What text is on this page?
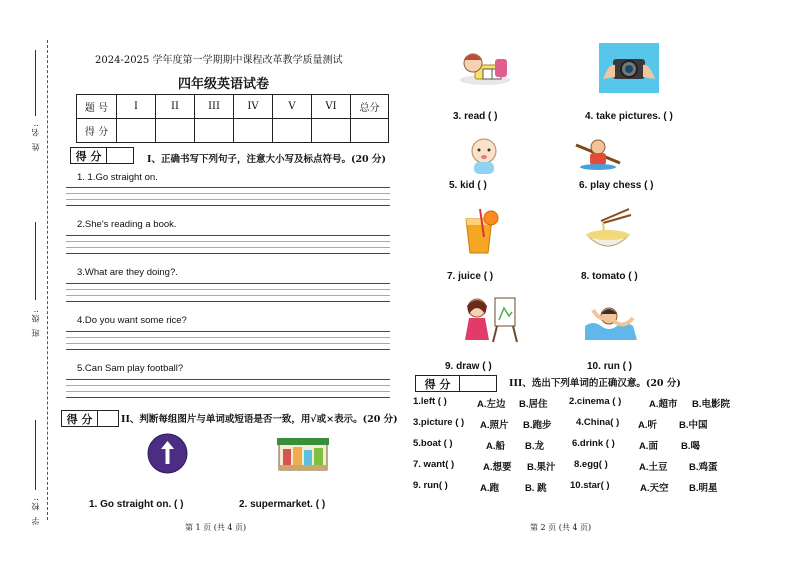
姓 名:
班 级:
学 校:
2024-2025 学年度第一学期期中课程改革教学质量测试
四年级英语试卷
题 号	I	II	III	IV	V	VI	总分
得 分							
得 分	I、正确书写下列句子，注意大小写及标点符号。(20 分)
1. 1.Go straight on.
2.She's reading a book.
3.What are they doing?.
4.Do you want some rice?
5.Can Sam play football?
得 分	II、判断每组图片与单词或短语是否一致，用√或×表示。(20 分)
1. Go straight on. ( )	2. supermarket. ( )
3. read ( )	4. take pictures. ( )
5. kid ( )	6. play chess ( )
7. juice ( )	8. tomato ( )
9. draw ( )	10. run ( )
得 分	III、选出下列单词的正确汉意。(20 分)
1.left ( )	A.左边 B.居住 2.cinema ( )	A.超市 B.电影院
3.picture ( ) A.照片 B.跑步	4.China( ) A.听 B.中国
5.boat ( )	A.船 B.龙	6.drink ( )	A.面 B.喝
7. want( )	A.想要 B.果汁 8.egg( )	A.土豆 B.鸡蛋
9. run( )	A.跑	B. 跳 10.star( )	A.天空 B.明星
第 1 页 (共 4 页)	第 2 页 (共 4 页)
